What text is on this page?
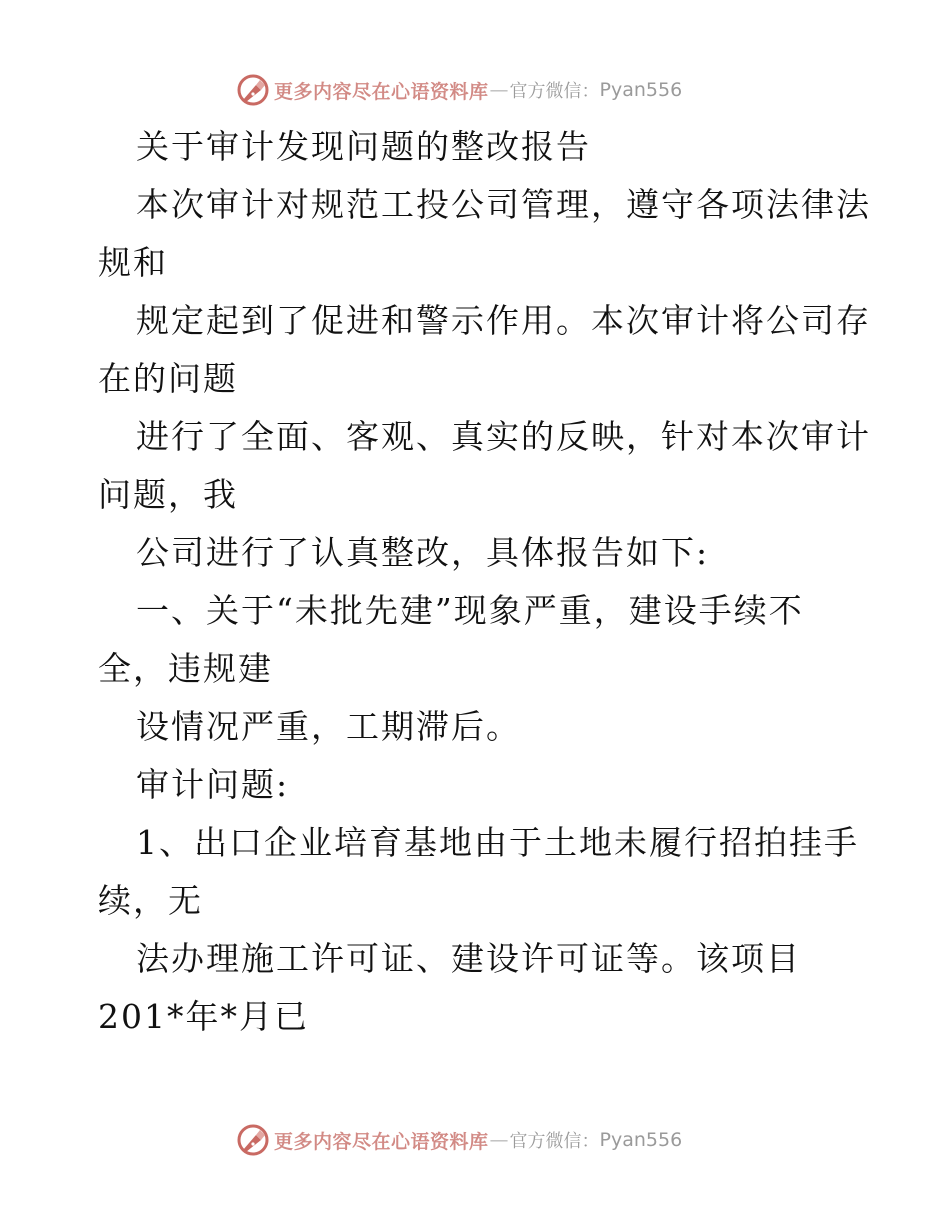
更多内容尽在心语资料库 — 官方微信： Pyan556
关于审计发现问题的整改报告
本次审计对规范工投公司管理，遵守各项法律法
规和
规定起到了促进和警示作用。本次审计将公司存
在的问题
进行了全面、客观、真实的反映，针对本次审计
问题，我
公司进行了认真整改，具体报告如下:
一、关于“未批先建”现象严重，建设手续不
全，违规建
设情况严重，工期滞后。
审计问题:
1、出口企业培育基地由于土地未履行招拍挂手
续，无
法办理施工许可证、建设许可证等。该项目
201*年*月已
更多内容尽在心语资料库 — 官方微信： Pyan556
